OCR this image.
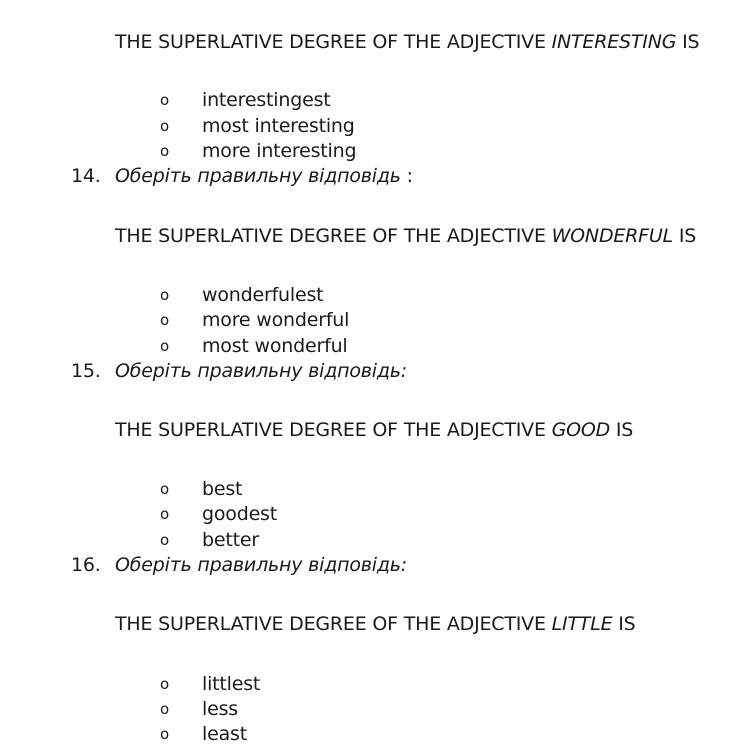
THE SUPERLATIVE DEGREE OF THE ADJECTIVE INTERESTING IS
o interestingest
o most interesting
o more interesting
14. Оберіть правильну відповідь :
THE SUPERLATIVE DEGREE OF THE ADJECTIVE WONDERFUL IS
o wonderfulest
o more wonderful
o most wonderful
15. Оберіть правильну відповідь:
THE SUPERLATIVE DEGREE OF THE ADJECTIVE GOOD IS
o best
o goodest
o better
16. Оберіть правильну відповідь:
THE SUPERLATIVE DEGREE OF THE ADJECTIVE LITTLE IS
o littlest
o less
o least
